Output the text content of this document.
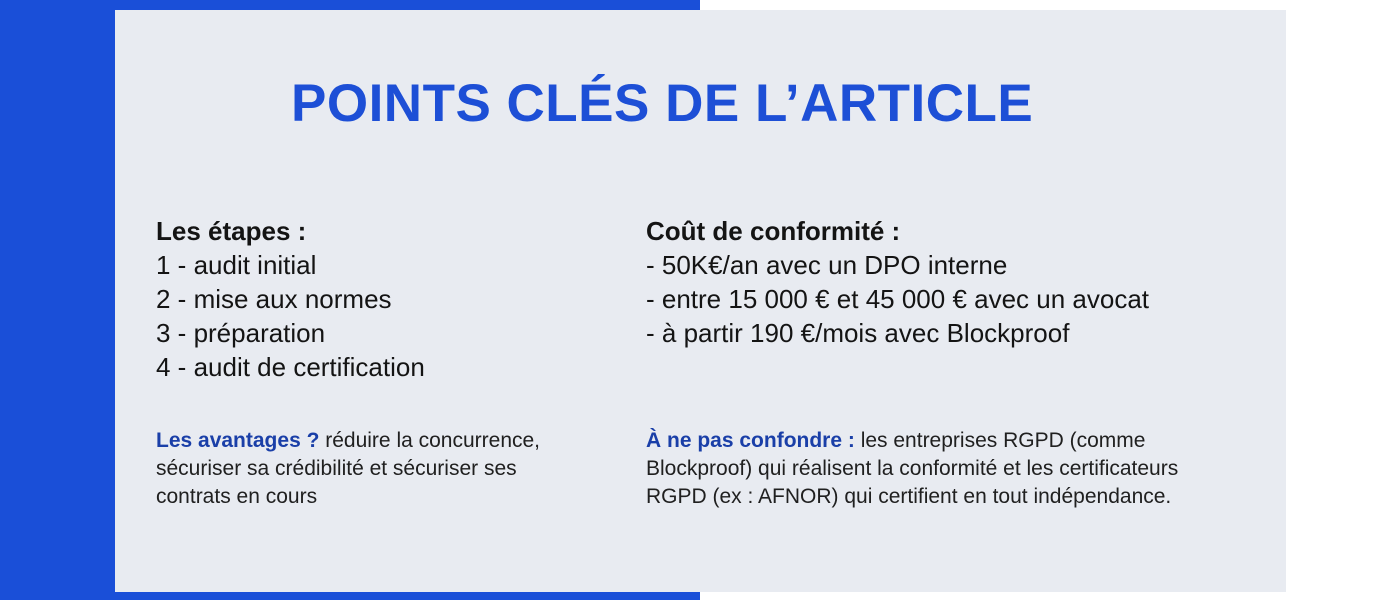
POINTS CLÉS DE L’ARTICLE

Les étapes :

1 - audit initial

2 - mise aux normes

3 - préparation

4 - audit de certification

Coût de conformité :

- 50K€/an avec un DPO interne

- entre 15 000 € et 45 000 € avec un avocat

- à partir 190 €/mois avec Blockproof

Les avantages ? réduire la concurrence, sécuriser sa crédibilité et sécuriser ses contrats en cours

À ne pas confondre : les entreprises RGPD (comme Blockproof) qui réalisent la conformité et les certificateurs RGPD (ex : AFNOR) qui certifient en tout indépendance.
